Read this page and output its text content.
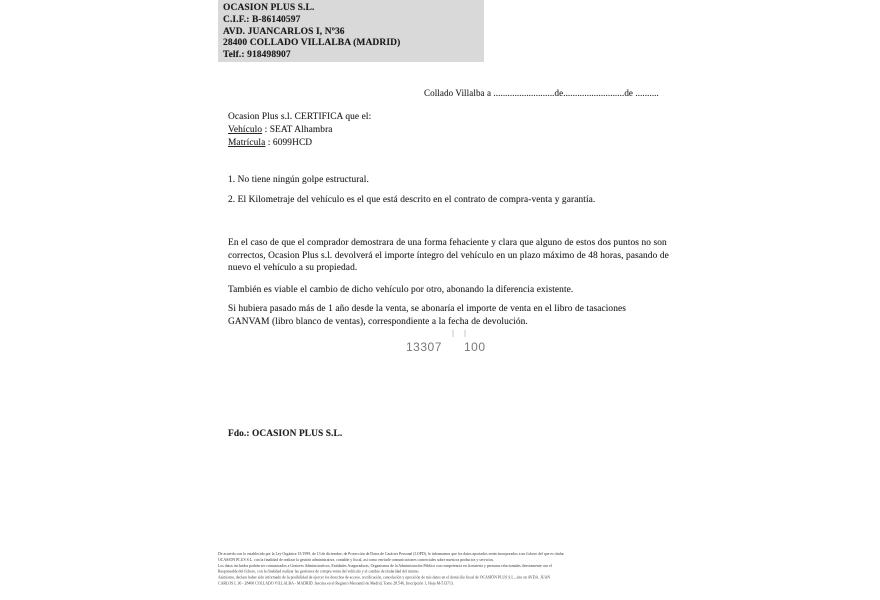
OCASION PLUS S.L.
C.I.F.: B-86140597
AVD. JUANCARLOS I, Nº36
28400 COLLADO VILLALBA (MADRID)
Telf.: 918498907
Collado Villalba a ..........................de..........................de ..........
Ocasion Plus s.l. CERTIFICA que el:
Vehículo : SEAT Alhambra
Matrícula : 6099HCD
1. No tiene ningún golpe estructural.
2. El Kilometraje del vehículo es el que está descrito en el contrato de compra-venta y garantía.
En el caso de que el comprador demostrara de una forma fehaciente y clara que alguno de estos dos puntos no son correctos, Ocasion Plus s.l. devolverá el importe íntegro del vehículo en un plazo máximo de 48 horas, pasando de nuevo el vehículo a su propiedad.
También es viable el cambio de dicho vehículo por otro, abonando la diferencia existente.
Si hubiera pasado más de 1 año desde la venta, se abonaría el importe de venta en el libro de tasaciones GANVAM (libro blanco de ventas), correspondiente a la fecha de devolución.
13307 100
Fdo.: OCASION PLUS S.L.
De acuerdo con lo establecido por la Ley Orgánica 15/1999, de 13 de diciembre, de Protección de Datos de Carácter Personal (LOPD), le informamos que los datos aportados serán incorporados a un fichero del que es titular
OCASION PLUS S.L. con la finalidad de realizar la gestión administrativa, contable y fiscal, así como enviarle comunicaciones comerciales sobre nuestros productos y servicios.
Los datos incluidos podrán ser comunicados a Gestores Administrativos, Entidades Aseguradoras, Organismos de la Administración Pública con competencia en la materia y personas relacionadas directamente con el
Responsable del fichero, con la finalidad realizar las gestiones de compra venta del vehículo y el cambio de titularidad del mismo.
Asimismo, declaro haber sido informado de la posibilidad de ejercer los derechos de acceso, rectificación, cancelación y oposición de mis datos en el domicilio fiscal de OCASIÓN PLUS S.L., sito en AVDA. JUAN
CARLOS I, 36 - 28400 COLLADO VILLALBA - MADRID. Inscrita en el Registro Mercantil de Madrid, Tomo 28.546, Inscripción 1, Hoja M-513713.
